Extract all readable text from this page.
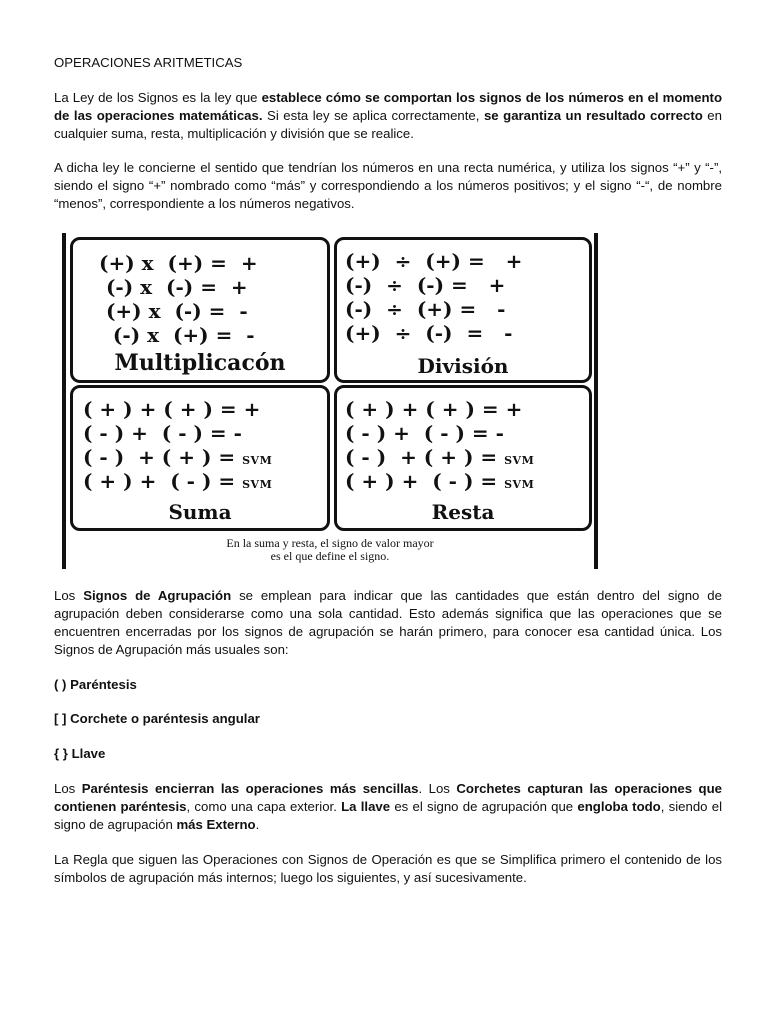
OPERACIONES ARITMETICAS

La Ley de los Signos es la ley que establece cómo se comportan los signos de los números en el momento de las operaciones matemáticas. Si esta ley se aplica correctamente, se garantiza un resultado correcto en cualquier suma, resta, multiplicación y división que se realice.

A dicha ley le concierne el sentido que tendrían los números en una recta numérica, y utiliza los signos “+” y “-”, siendo el signo “+” nombrado como “más” y correspondiendo a los números positivos; y el signo “-“, de nombre “menos”, correspondiente a los números negativos.

(+) x  (+) =  +
(-) x  (-) =  +
(+) x  (-) =  -
(-) x  (+) =  -
Multiplicacón
(+)  ÷  (+) =   +
(-)  ÷  (-) =   +
(-)  ÷  (+) =   -
(+)  ÷  (-)  =   -
División
( + ) + ( + ) = +
( - ) +  ( - ) = -
( - )  + ( + ) = SVM
( + ) +  ( - ) = SVM
Suma
( + ) + ( + ) = +
( - ) +  ( - ) = -
( - )  + ( + ) = SVM
( + ) +  ( - ) = SVM
Resta
En la suma y resta, el signo de valor mayor
es el que define el signo.

Los Signos de Agrupación se emplean para indicar que las cantidades que están dentro del signo de agrupación deben considerarse como una sola cantidad. Esto además significa que las operaciones que se encuentren encerradas por los signos de agrupación se harán primero, para conocer esa cantidad única. Los Signos de Agrupación más usuales son:

( ) Paréntesis

[ ] Corchete o paréntesis angular

{ } Llave

Los Paréntesis encierran las operaciones más sencillas. Los Corchetes capturan las operaciones que contienen paréntesis, como una capa exterior. La llave es el signo de agrupación que engloba todo, siendo el signo de agrupación más Externo.

La Regla que siguen las Operaciones con Signos de Operación es que se Simplifica primero el contenido de los símbolos de agrupación más internos; luego los siguientes, y así sucesivamente.
